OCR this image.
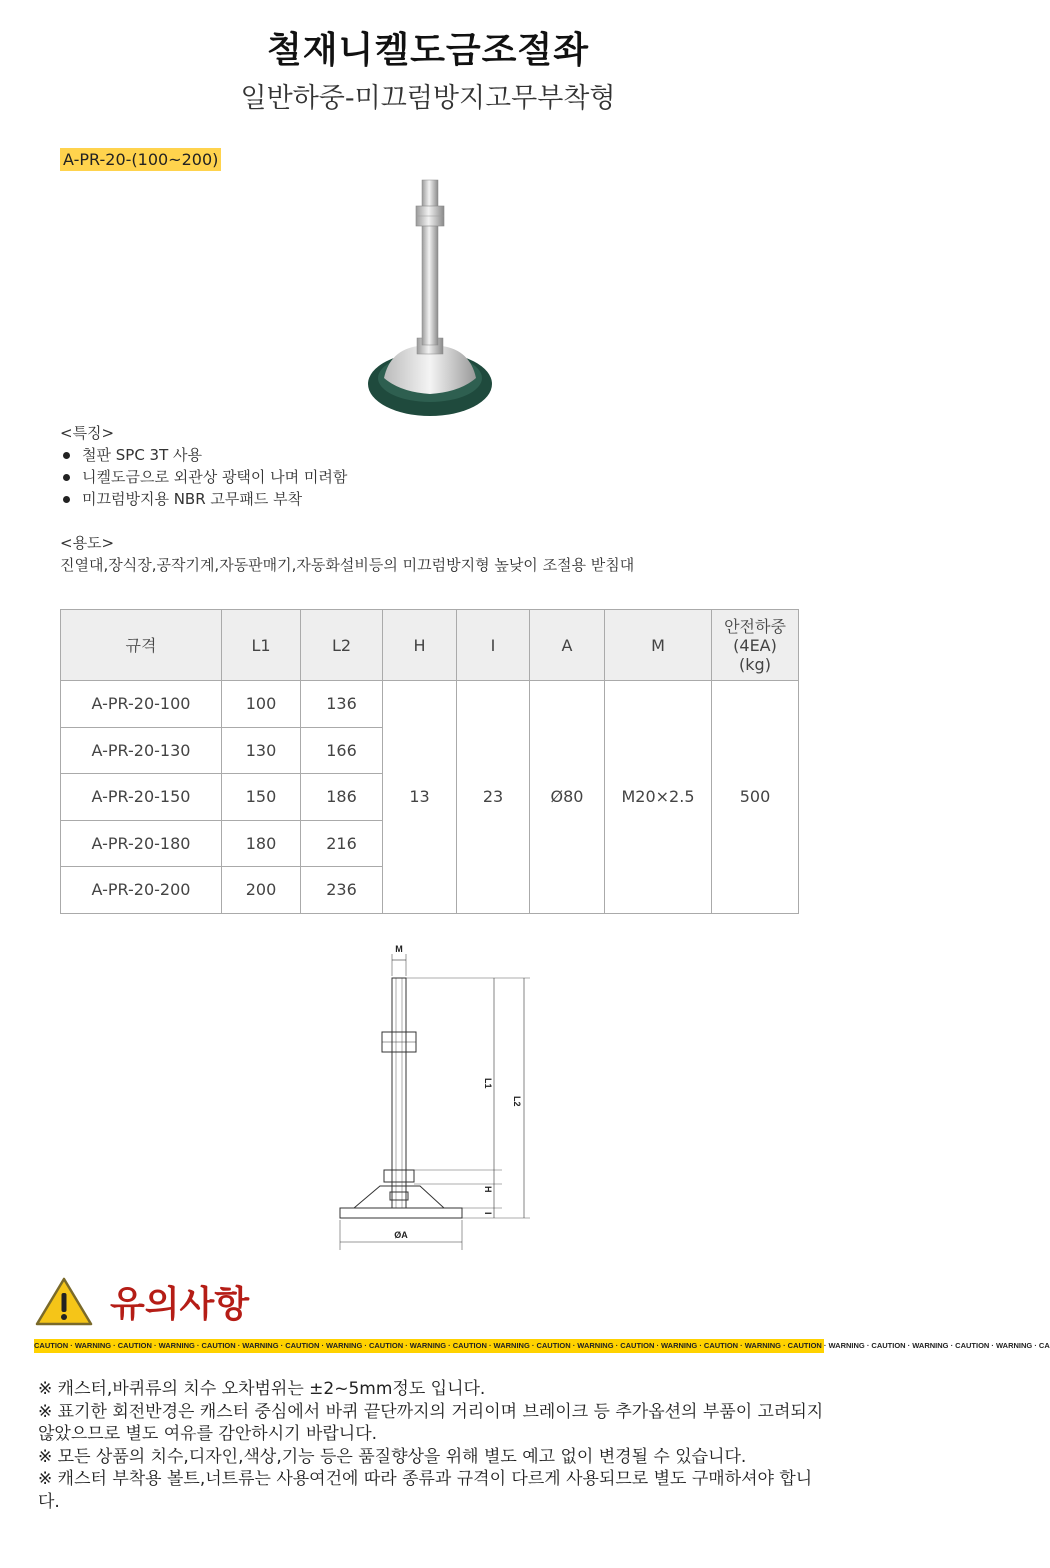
철재니켈도금조절좌
일반하중-미끄럼방지고무부착형
A-PR-20-(100~200)
<특징>
철판 SPC 3T 사용
니켈도금으로 외관상 광택이 나며 미려함
미끄럼방지용 NBR 고무패드 부착
<용도>
진열대,장식장,공작기계,자동판매기,자동화설비등의 미끄럼방지형 높낮이 조절용 받침대
규격	L1	L2	H	I	A	M	안전하중
(4EA)
(kg)

A-PR-20-100	100	136	13	23	Ø80	M20×2.5	500
A-PR-20-130	130	166					
A-PR-20-150	150	186					
A-PR-20-180	180	216					
A-PR-20-200	200	236					
M
L1
L2
H
I
ØA
유의사항
CAUTION · WARNING · CAUTION · WARNING · CAUTION · WARNING · CAUTION · WARNING · CAUTION · WARNING · CAUTION · WARNING · CAUTION · WARNING · CAUTION · WARNING · CAUTION · WARNING · CAUTION · WARNING · CAUTION · WARNING · CAUTION · WARNING · CA

※ 캐스터,바퀴류의 치수 오차범위는 ±2~5mm정도 입니다.

※ 표기한 회전반경은 캐스터 중심에서 바퀴 끝단까지의 거리이며 브레이크 등 추가옵션의 부품이 고려되지 않았으므로 별도 여유를 감안하시기 바랍니다.

※ 모든 상품의 치수,디자인,색상,기능 등은 품질향상을 위해 별도 예고 없이 변경될 수 있습니다.

※ 캐스터 부착용 볼트,너트류는 사용여건에 따라 종류과 규격이 다르게 사용되므로 별도 구매하셔야 합니다.
